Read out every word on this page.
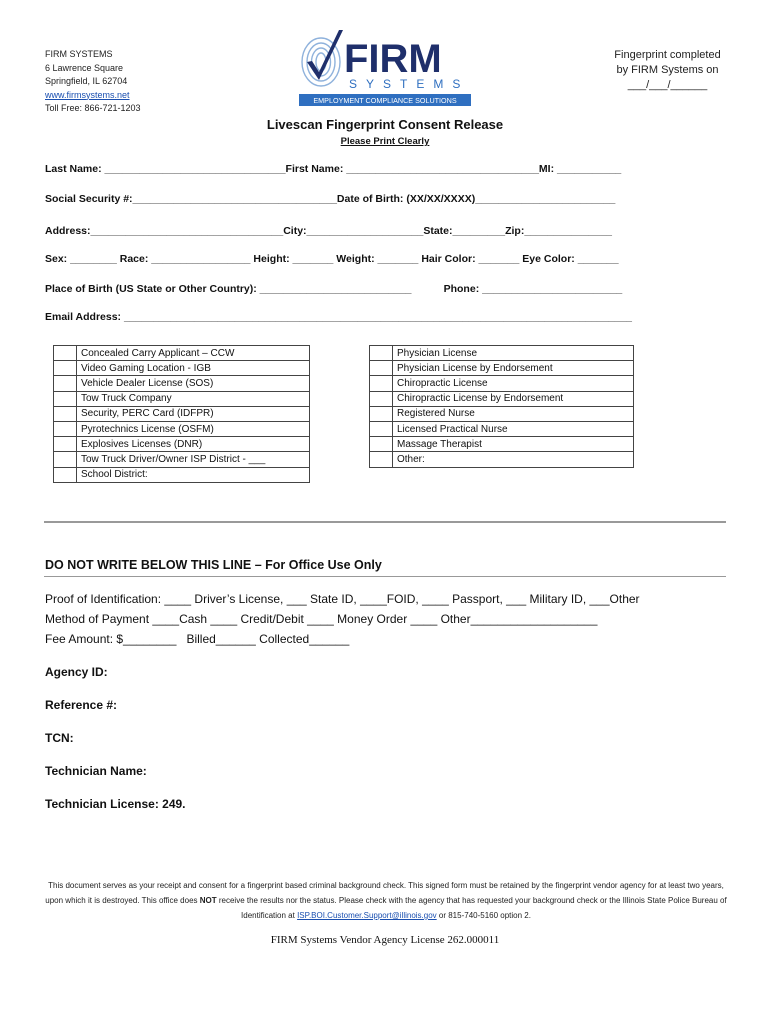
FIRM SYSTEMS
6 Lawrence Square
Springfield, IL 62704
www.firmsystems.net
Toll Free: 866-721-1203
FIRM
SYSTEMS
EMPLOYMENT COMPLIANCE SOLUTIONS
Fingerprint completed
by FIRM Systems on
___/___/______
Livescan Fingerprint Consent Release
Please Print Clearly
Last Name: _______________________________First Name: _________________________________MI: ___________
Social Security #:___________________________________Date of Birth: (XX/XX/XXXX)________________________
Address:_________________________________City:____________________State:_________Zip:_______________
Sex: ________ Race: _________________ Height: _______ Weight: _______ Hair Color: _______ Eye Color: _______
Place of Birth (US State or Other Country): __________________________           Phone: ________________________
Email Address: _______________________________________________________________________________________
	Concealed Carry Applicant – CCW
	Video Gaming Location - IGB
	Vehicle Dealer License (SOS)
	Tow Truck Company
	Security, PERC Card (IDFPR)
	Pyrotechnics License (OSFM)
	Explosives Licenses (DNR)
	Tow Truck Driver/Owner ISP District - ___
	School District:
	Physician License
	Physician License by Endorsement
	Chiropractic License
	Chiropractic License by Endorsement
	Registered Nurse
	Licensed Practical Nurse
	Massage Therapist
	Other:
DO NOT WRITE BELOW THIS LINE – For Office Use Only
Proof of Identification: ____ Driver’s License, ___ State ID, ____FOID, ____ Passport, ___ Military ID, ___Other
Method of Payment ____Cash ____ Credit/Debit ____ Money Order ____ Other___________________
Fee Amount: $________   Billed______ Collected______
Agency ID:
Reference #:
TCN:
Technician Name:
Technician License: 249.
This document serves as your receipt and consent for a fingerprint based criminal background check. This signed form must be retained by the fingerprint vendor agency for at least two years, upon which it is destroyed. This office does NOT receive the results nor the status. Please check with the agency that has requested your background check or the Illinois State Police Bureau of Identification at ISP.BOI.Customer.Support@illinois.gov or 815-740-5160 option 2.
FIRM Systems Vendor Agency License 262.000011
